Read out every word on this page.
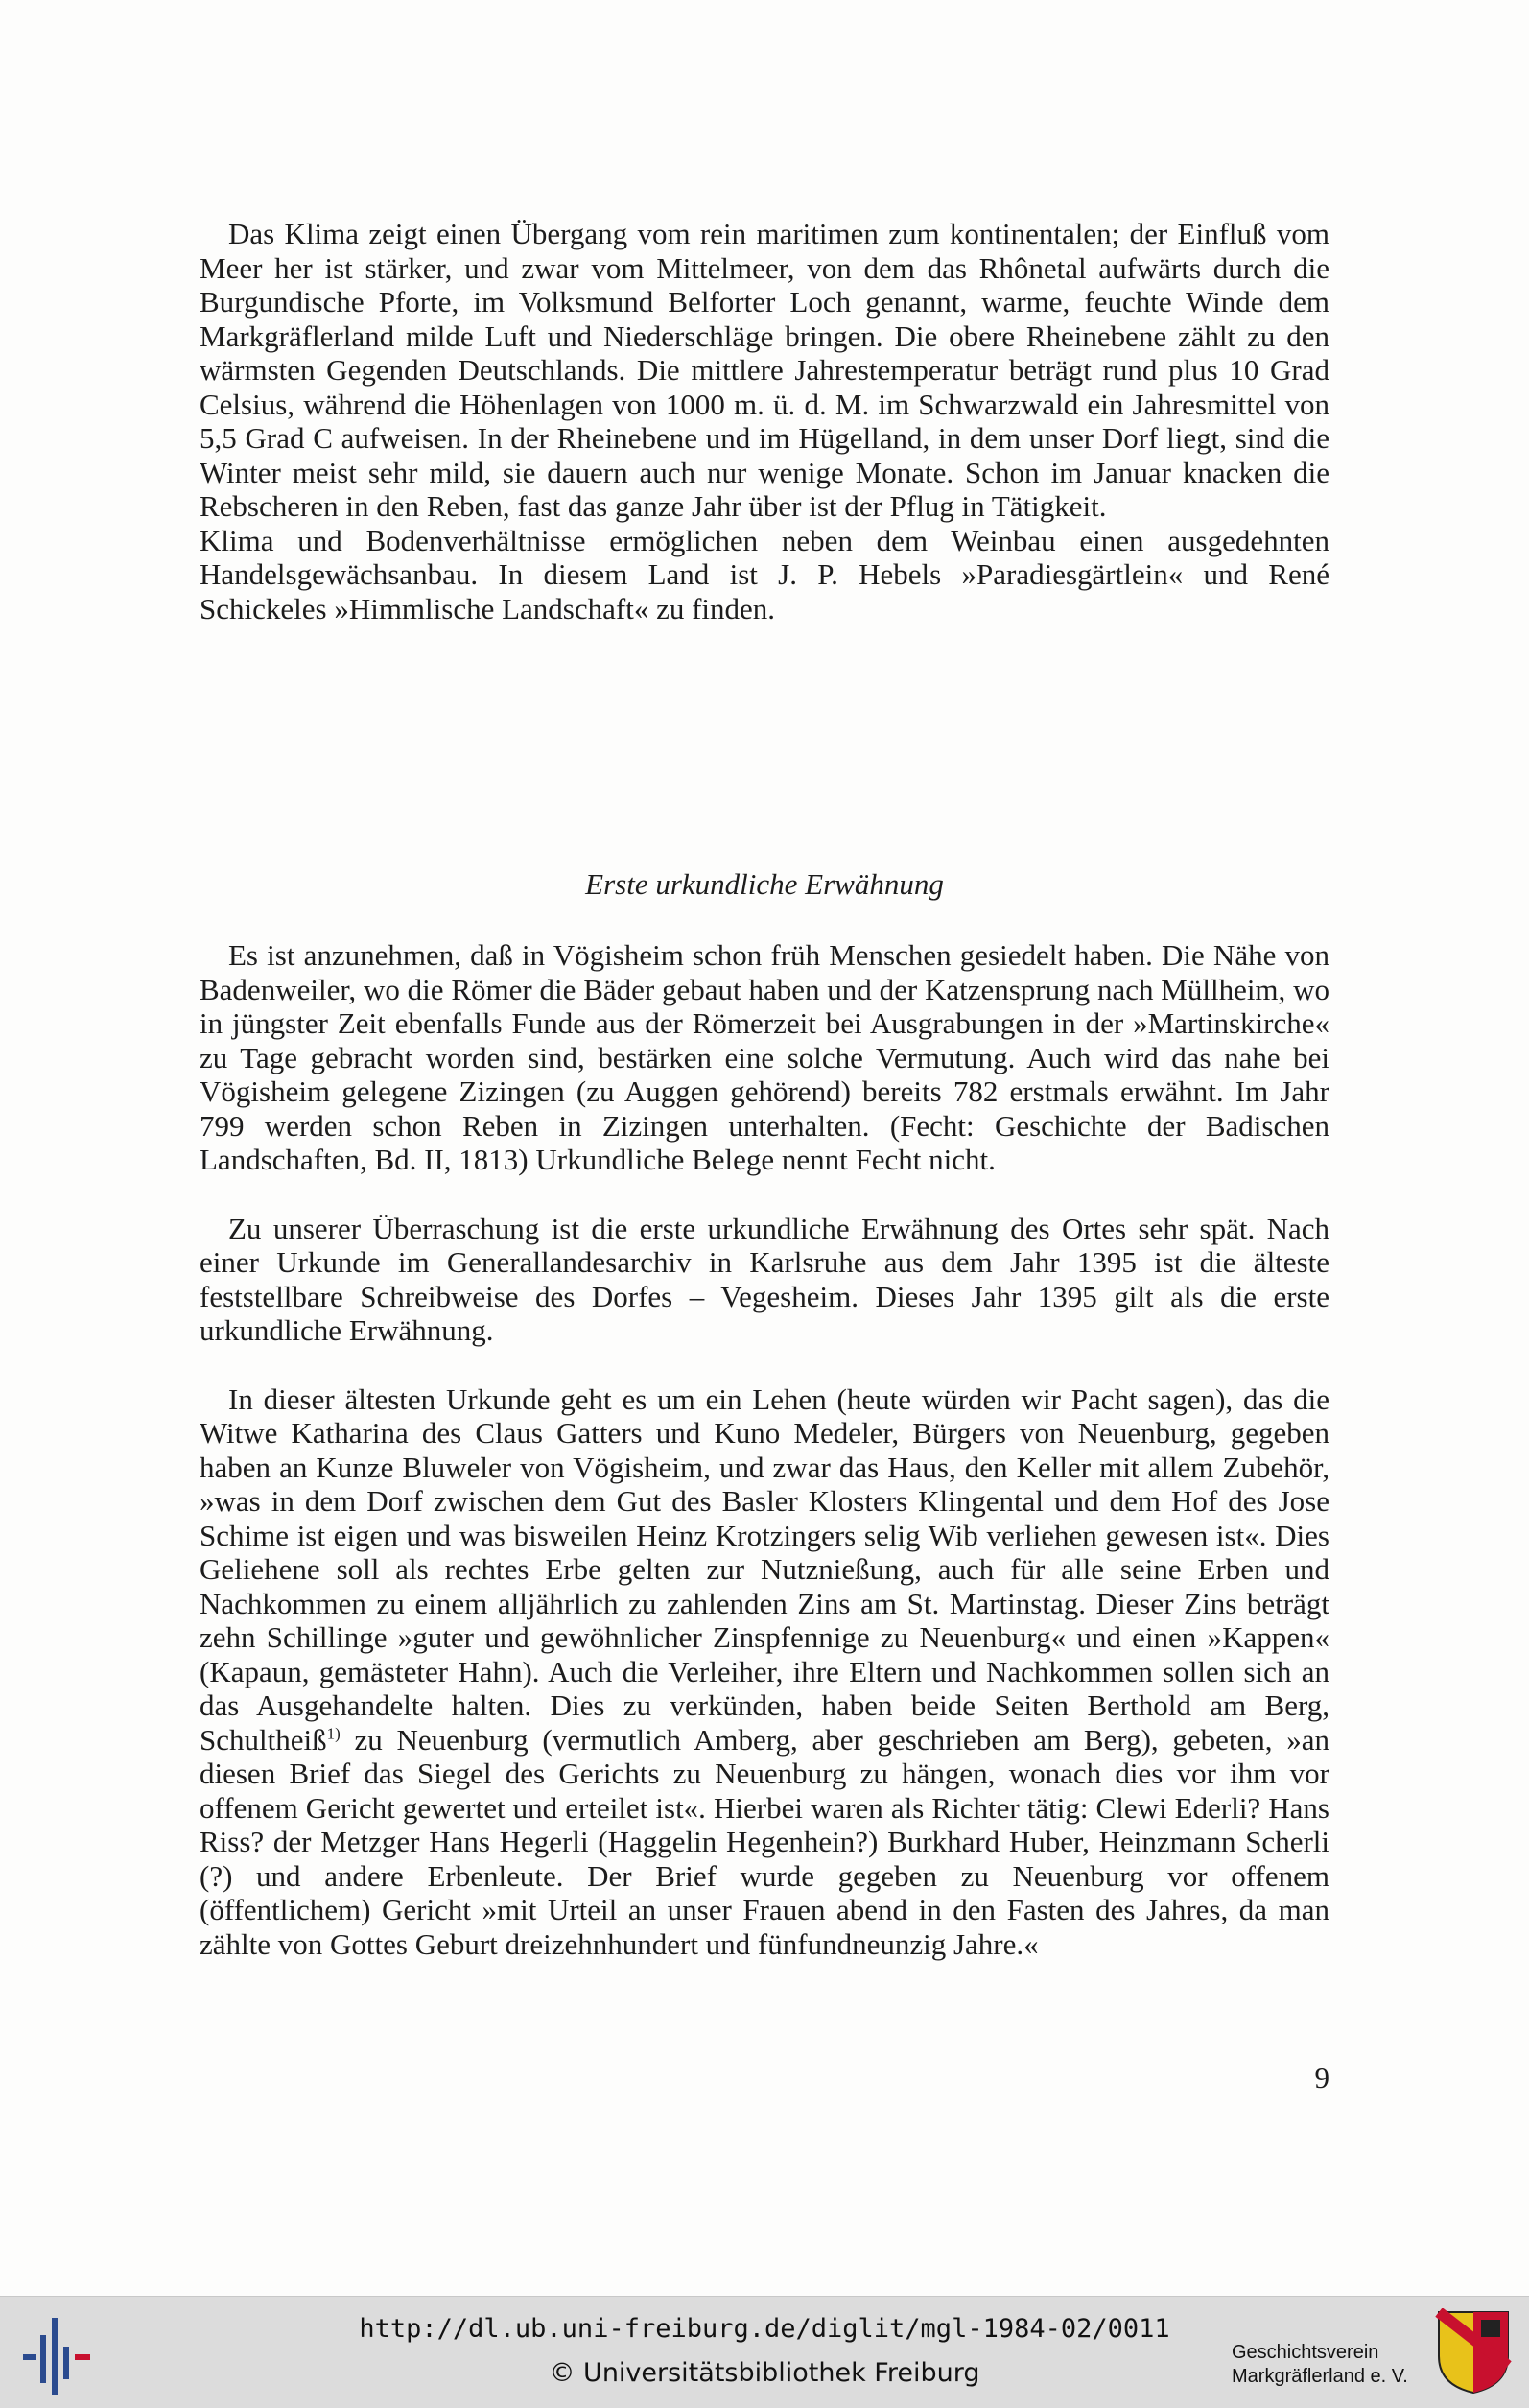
Das Klima zeigt einen Übergang vom rein maritimen zum kontinentalen; der Einfluß vom Meer her ist stärker, und zwar vom Mittelmeer, von dem das Rhônetal aufwärts durch die Burgundische Pforte, im Volksmund Belforter Loch genannt, warme, feuchte Winde dem Markgräflerland milde Luft und Niederschläge bringen. Die obere Rheinebene zählt zu den wärmsten Gegenden Deutschlands. Die mittlere Jahrestemperatur beträgt rund plus 10 Grad Celsius, während die Höhenlagen von 1000 m. ü. d. M. im Schwarzwald ein Jahresmittel von 5,5 Grad C aufweisen. In der Rheinebene und im Hügelland, in dem unser Dorf liegt, sind die Winter meist sehr mild, sie dauern auch nur wenige Monate. Schon im Januar knacken die Rebscheren in den Reben, fast das ganze Jahr über ist der Pflug in Tätigkeit.

Klima und Bodenverhältnisse ermöglichen neben dem Weinbau einen ausgedehnten Handelsgewächsanbau. In diesem Land ist J. P. Hebels »Paradiesgärtlein« und René Schickeles »Himmlische Landschaft« zu finden.

Erste urkundliche Erwähnung

Es ist anzunehmen, daß in Vögisheim schon früh Menschen gesiedelt haben. Die Nähe von Badenweiler, wo die Römer die Bäder gebaut haben und der Katzensprung nach Müllheim, wo in jüngster Zeit ebenfalls Funde aus der Römerzeit bei Ausgrabungen in der »Martinskirche« zu Tage gebracht worden sind, bestärken eine solche Vermutung. Auch wird das nahe bei Vögisheim gelegene Zizingen (zu Auggen gehörend) bereits 782 erstmals erwähnt. Im Jahr 799 werden schon Reben in Zizingen unterhalten. (Fecht: Geschichte der Badischen Landschaften, Bd. II, 1813) Urkundliche Belege nennt Fecht nicht.

Zu unserer Überraschung ist die erste urkundliche Erwähnung des Ortes sehr spät. Nach einer Urkunde im Generallandesarchiv in Karlsruhe aus dem Jahr 1395 ist die älteste feststellbare Schreibweise des Dorfes – Vegesheim. Dieses Jahr 1395 gilt als die erste urkundliche Erwähnung.

In dieser ältesten Urkunde geht es um ein Lehen (heute würden wir Pacht sagen), das die Witwe Katharina des Claus Gatters und Kuno Medeler, Bürgers von Neuenburg, gegeben haben an Kunze Bluweler von Vögisheim, und zwar das Haus, den Keller mit allem Zubehör, »was in dem Dorf zwischen dem Gut des Basler Klosters Klingental und dem Hof des Jose Schime ist eigen und was bisweilen Heinz Krotzingers selig Wib verliehen gewesen ist«. Dies Geliehene soll als rechtes Erbe gelten zur Nutznießung, auch für alle seine Erben und Nachkommen zu einem alljährlich zu zahlenden Zins am St. Martinstag. Dieser Zins beträgt zehn Schillinge »guter und gewöhnlicher Zinspfennige zu Neuenburg« und einen »Kappen« (Kapaun, gemästeter Hahn). Auch die Verleiher, ihre Eltern und Nachkommen sollen sich an das Ausgehandelte halten. Dies zu verkünden, haben beide Seiten Berthold am Berg, Schultheiß$^{1)}$ zu Neuenburg (vermutlich Amberg, aber geschrieben am Berg), gebeten, »an diesen Brief das Siegel des Gerichts zu Neuenburg zu hängen, wonach dies vor ihm vor offenem Gericht gewertet und erteilet ist«. Hierbei waren als Richter tätig: Clewi Ederli? Hans Riss? der Metzger Hans Hegerli (Haggelin Hegenhein?) Burkhard Huber, Heinzmann Scherli (?) und andere Erbenleute. Der Brief wurde gegeben zu Neuenburg vor offenem (öffentlichem) Gericht »mit Urteil an unser Frauen abend in den Fasten des Jahres, da man zählte von Gottes Geburt dreizehnhundert und fünfundneunzig Jahre.«

9
http://dl.ub.uni-freiburg.de/diglit/mgl-1984-02/0011
© Universitätsbibliothek Freiburg
Geschichtsverein
Markgräflerland e. V.
